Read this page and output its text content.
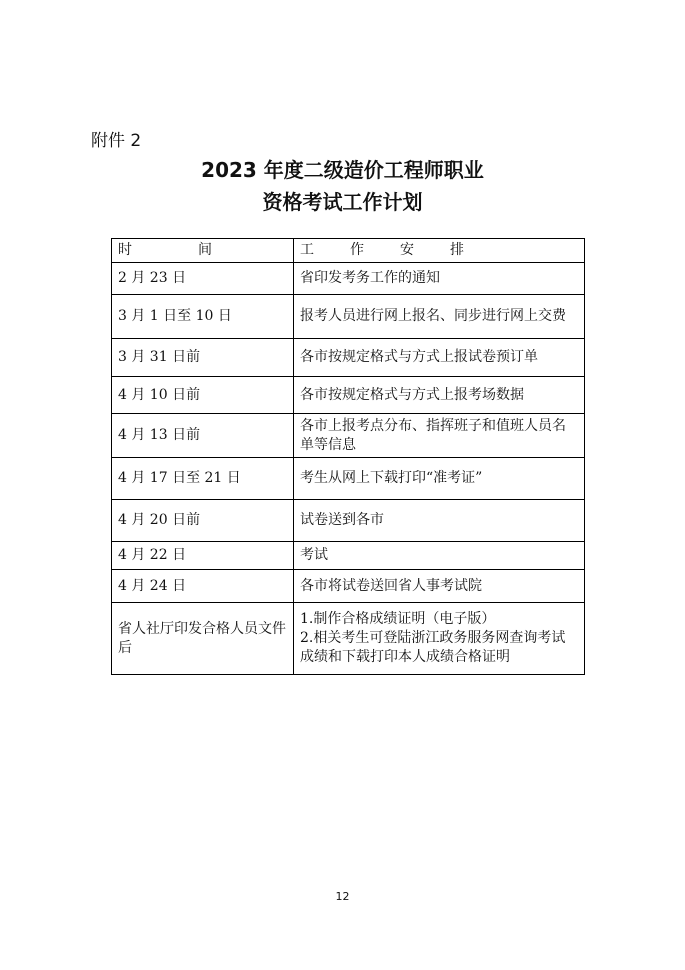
附件 2
2023 年度二级造价工程师职业
资格考试工作计划
时 间	工 作 安 排
2 月 23 日	省印发考务工作的通知
3 月 1 日至 10 日	报考人员进行网上报名、同步进行网上交费
3 月 31 日前	各市按规定格式与方式上报试卷预订单
4 月 10 日前	各市按规定格式与方式上报考场数据
4 月 13 日前	各市上报考点分布、指挥班子和值班人员名单等信息
4 月 17 日至 21 日	考生从网上下载打印“准考证”
4 月 20 日前	试卷送到各市
4 月 22 日	考试
4 月 24 日	各市将试卷送回省人事考试院
省人社厅印发合格人员文件后	1.制作合格成绩证明（电子版）
2.相关考生可登陆浙江政务服务网查询考试成绩和下载打印本人成绩合格证明
12
